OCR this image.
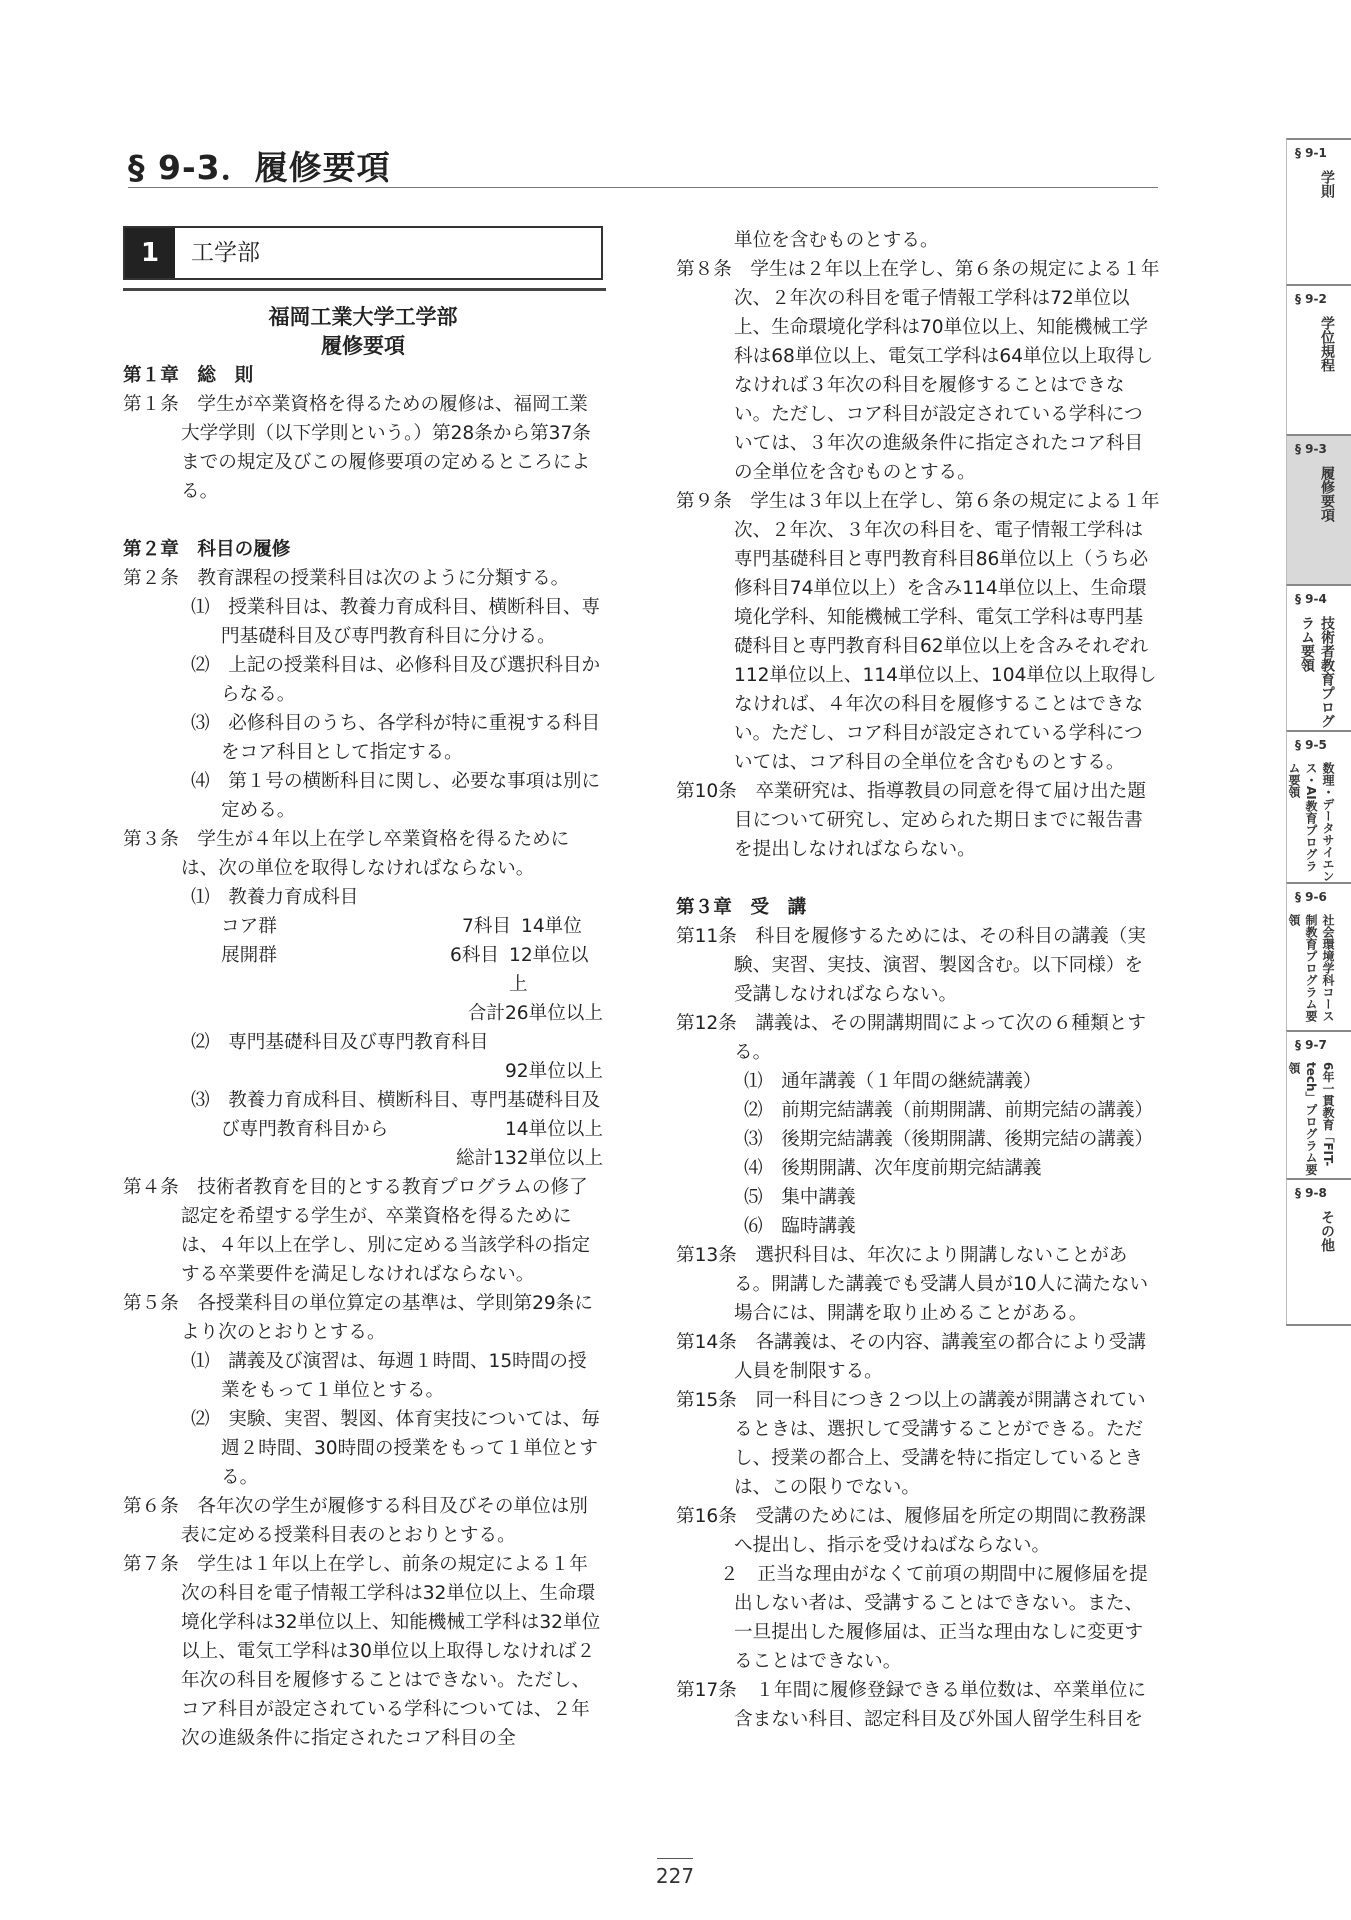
§ 9-3．履修要項
1	工学部
福岡工業大学工学部
履修要項

第１章　総　則

第１条　学生が卒業資格を得るための履修は、福岡工業大学学則（以下学則という。）第28条から第37条までの規定及びこの履修要項の定めるところによる。

第２章　科目の履修

第２条　教育課程の授業科目は次のように分類する。

⑴　授業科目は、教養力育成科目、横断科目、専門基礎科目及び専門教育科目に分ける。

⑵　上記の授業科目は、必修科目及び選択科目からなる。

⑶　必修科目のうち、各学科が特に重視する科目をコア科目として指定する。

⑷　第１号の横断科目に関し、必要な事項は別に定める。

第３条　学生が４年以上在学し卒業資格を得るためには、次の単位を取得しなければならない。

⑴　教養力育成科目

コア群	7科目 14単位
展開群	6科目 12単位以上

合計26単位以上

⑵　専門基礎科目及び専門教育科目

92単位以上

⑶　教養力育成科目、横断科目、専門基礎科目及

び専門教育科目から	14単位以上

総計132単位以上

第４条　技術者教育を目的とする教育プログラムの修了認定を希望する学生が、卒業資格を得るためには、４年以上在学し、別に定める当該学科の指定する卒業要件を満足しなければならない。

第５条　各授業科目の単位算定の基準は、学則第29条により次のとおりとする。

⑴　講義及び演習は、毎週１時間、15時間の授業をもって１単位とする。

⑵　実験、実習、製図、体育実技については、毎週２時間、30時間の授業をもって１単位とする。

第６条　各年次の学生が履修する科目及びその単位は別表に定める授業科目表のとおりとする。

第７条　学生は１年以上在学し、前条の規定による１年次の科目を電子情報工学科は32単位以上、生命環境化学科は32単位以上、知能機械工学科は32単位以上、電気工学科は30単位以上取得しなければ２年次の科目を履修することはできない。ただし、コア科目が設定されている学科については、２年次の進級条件に指定されたコア科目の全

単位を含むものとする。

第８条　学生は２年以上在学し、第６条の規定による１年次、２年次の科目を電子情報工学科は72単位以上、生命環境化学科は70単位以上、知能機械工学科は68単位以上、電気工学科は64単位以上取得しなければ３年次の科目を履修することはできない。ただし、コア科目が設定されている学科については、３年次の進級条件に指定されたコア科目の全単位を含むものとする。

第９条　学生は３年以上在学し、第６条の規定による１年次、２年次、３年次の科目を、電子情報工学科は専門基礎科目と専門教育科目86単位以上（うち必修科目74単位以上）を含み114単位以上、生命環境化学科、知能機械工学科、電気工学科は専門基礎科目と専門教育科目62単位以上を含みそれぞれ112単位以上、114単位以上、104単位以上取得しなければ、４年次の科目を履修することはできない。ただし、コア科目が設定されている学科については、コア科目の全単位を含むものとする。

第10条　卒業研究は、指導教員の同意を得て届け出た題目について研究し、定められた期日までに報告書を提出しなければならない。

第３章　受　講

第11条　科目を履修するためには、その科目の講義（実験、実習、実技、演習、製図含む。以下同様）を受講しなければならない。

第12条　講義は、その開講期間によって次の６種類とする。

⑴　通年講義（１年間の継続講義）

⑵　前期完結講義（前期開講、前期完結の講義）

⑶　後期完結講義（後期開講、後期完結の講義）

⑷　後期開講、次年度前期完結講義

⑸　集中講義

⑹　臨時講義

第13条　選択科目は、年次により開講しないことがある。開講した講義でも受講人員が10人に満たない場合には、開講を取り止めることがある。

第14条　各講義は、その内容、講義室の都合により受講人員を制限する。

第15条　同一科目につき２つ以上の講義が開講されているときは、選択して受講することができる。ただし、授業の都合上、受講を特に指定しているときは、この限りでない。

第16条　受講のためには、履修届を所定の期間に教務課へ提出し、指示を受けねばならない。

２　正当な理由がなくて前項の期間中に履修届を提出しない者は、受講することはできない。また、一旦提出した履修届は、正当な理由なしに変更することはできない。

第17条　１年間に履修登録できる単位数は、卒業単位に含まない科目、認定科目及び外国人留学生科目を

§ 9-1
学則
§ 9-2
学位規程
§ 9-3
履修要項
§ 9-4
技術者教育プログラム要領
§ 9-5
数理・データサイエンス・AI教育プログラム要領
§ 9-6
社会環境学科コース制教育プログラム要領
§ 9-7
6年一貫教育「FIT-tech」プログラム要領
§ 9-8
その他
227
